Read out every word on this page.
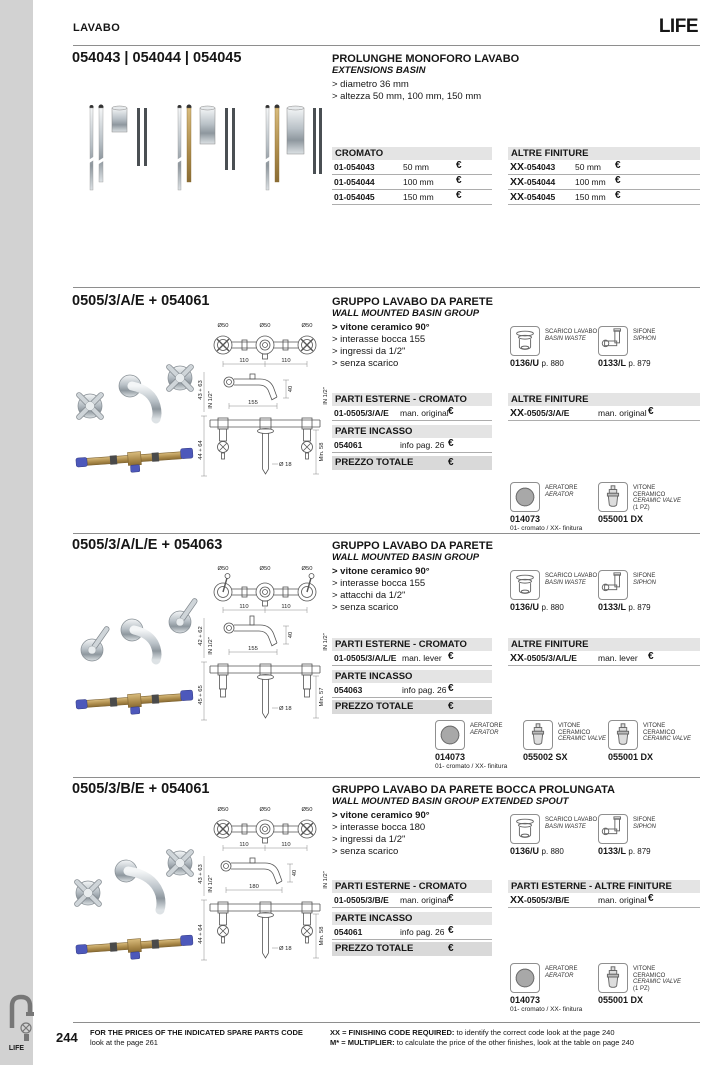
LAVABO	LIFE
054043 | 054044 | 054045	PROLUNGHE MONOFORO LAVABO
EXTENSIONS BASIN
> diametro 36 mm
> altezza 50 mm, 100 mm, 150 mm
CROMATO
01-054043	50 mm	€
01-054044	100 mm €
01-054045	150 mm €
ALTRE FINITURE
XX-054043 50 mm €
XX-054044 100 mm €
XX-054045 150 mm €
0505/3/A/E + 054061	GRUPPO LAVABO DA PARETE
WALL MOUNTED BASIN GROUP
> vitone ceramico 90°
> interasse bocca 155
> ingressi da 1/2"
> senza scarico
SCARICO LAVABO
BASIN WASTE
0136/U p. 880
SIFONE
SIPHON
0133/L p. 879
Ø50	Ø50	Ø50
110	110
155
40
43 + 63
IN 1/2"	IN 1/2"
Ø 18
Min. 58
44 + 64
PARTI ESTERNE - CROMATO
01-0505/3/A/E man. original €
PARTE INCASSO
054061	info pag. 26 €
PREZZO TOTALE	€
ALTRE FINITURE
XX-0505/3/A/E	man. original €
AERATORE
AERATOR
014073
01- cromato / XX- finitura
VITONE CERAMICO
CERAMIC VALVE
(1 PZ)
055001 DX
0505/3/A/L/E + 054063	GRUPPO LAVABO DA PARETE
WALL MOUNTED BASIN GROUP
> vitone ceramico 90°
> interasse bocca 155
> attacchi da 1/2"
> senza scarico
SCARICO LAVABO
BASIN WASTE
0136/U p. 880
SIFONE
SIPHON
0133/L p. 879
Ø50	Ø50	Ø50
110	110
155
40
42 + 62
IN 1/2"	IN 1/2"
Ø 18
Min. 57
45 + 65
PARTI ESTERNE - CROMATO
01-0505/3/A/L/E man. lever €
PARTE INCASSO
054063	info pag. 26 €
PREZZO TOTALE	€
ALTRE FINITURE
XX-0505/3/A/L/E man. lever €
AERATORE
AERATOR
014073
01- cromato / XX- finitura
VITONE CERAMICO
CERAMIC VALVE
055002 SX
VITONE CERAMICO
CERAMIC VALVE
055001 DX
0505/3/B/E + 054061	GRUPPO LAVABO DA PARETE BOCCA PROLUNGATA
WALL MOUNTED BASIN GROUP EXTENDED SPOUT
> vitone ceramico 90°
> interasse bocca 180
> ingressi da 1/2"
> senza scarico
SCARICO LAVABO
BASIN WASTE
0136/U p. 880
SIFONE
SIPHON
0133/L p. 879
Ø50	Ø50	Ø50
110	110
180
40
43 + 63
IN 1/2"	IN 1/2"
Ø 18
Min. 58
44 + 64
PARTI ESTERNE - CROMATO
01-0505/3/B/E man. original €
PARTE INCASSO
054061	info pag. 26 €
PREZZO TOTALE	€
PARTI ESTERNE - ALTRE FINITURE
XX-0505/3/B/E	man. original €
AERATORE
AERATOR
014073
01- cromato / XX- finitura
VITONE CERAMICO
CERAMIC VALVE
(1 PZ)
055001 DX
LIFE
244 FOR THE PRICES OF THE INDICATED SPARE PARTS CODE
look at the page 261
XX = FINISHING CODE REQUIRED: to identify the correct code look at the page 240
M* = MULTIPLIER: to calculate the price of the other finishes, look at the table on page 240
